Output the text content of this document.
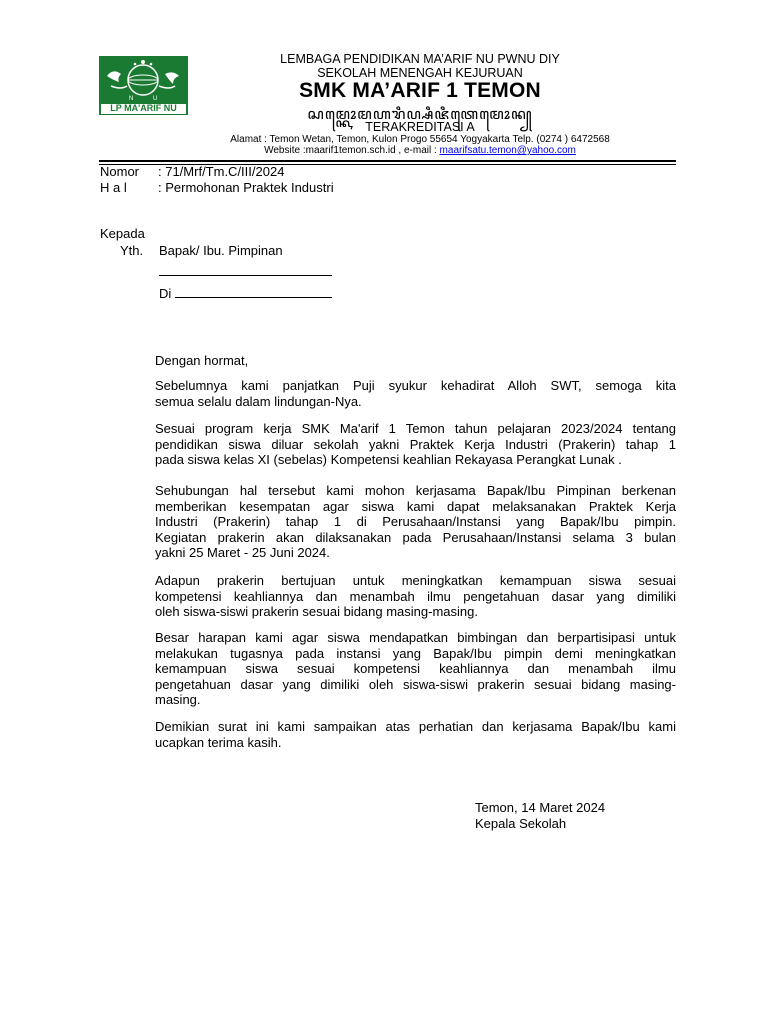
N	U
LP MA'ARIF NU
LEMBAGA PENDIDIKAN MA’ARIF NU PWNU DIY
SEKOLAH MENENGAH KEJURUAN
SMK MA’ARIF 1 TEMON
ꦱꦩ꧀ꦏꦺꦴꦩꦲꦫꦶꦥ꧀ꦱꦶꦗꦶꦠꦺꦩꦺꦴꦤ꧀
TERAKREDITASI A
Alamat : Temon Wetan, Temon, Kulon Progo 55654 Yogyakarta Telp. (0274 ) 6472568
Website :maarif1temon.sch.id , e-mail : maarifsatu.temon@yahoo.com
Nomor : 71/Mrf/Tm.C/III/2024
H a l : Permohonan Praktek Industri
Kepada
Yth. Bapak/ Ibu. Pimpinan
Di
Dengan hormat,
Sebelumnya kami panjatkan Puji syukur kehadirat Alloh SWT, semoga kita
semua selalu dalam lindungan-Nya.
Sesuai program kerja SMK Ma'arif 1 Temon tahun pelajaran 2023/2024 tentang
pendidikan siswa diluar sekolah yakni Praktek Kerja Industri (Prakerin) tahap 1
pada siswa kelas XI (sebelas) Kompetensi keahlian Rekayasa Perangkat Lunak .
Sehubungan hal tersebut kami mohon kerjasama Bapak/Ibu Pimpinan berkenan
memberikan kesempatan agar siswa kami dapat melaksanakan Praktek Kerja
Industri (Prakerin) tahap 1 di Perusahaan/Instansi yang Bapak/Ibu pimpin.
Kegiatan prakerin akan dilaksanakan pada Perusahaan/Instansi selama 3 bulan
yakni 25 Maret - 25 Juni 2024.
Adapun prakerin bertujuan untuk meningkatkan kemampuan siswa sesuai
kompetensi keahliannya dan menambah ilmu pengetahuan dasar yang dimiliki
oleh siswa-siswi prakerin sesuai bidang masing-masing.
Besar harapan kami agar siswa mendapatkan bimbingan dan berpartisipasi untuk
melakukan tugasnya pada instansi yang Bapak/Ibu pimpin demi meningkatkan
kemampuan siswa sesuai kompetensi keahliannya dan menambah ilmu
pengetahuan dasar yang dimiliki oleh siswa-siswi prakerin sesuai bidang masing-
masing.
Demikian surat ini kami sampaikan atas perhatian dan kerjasama Bapak/Ibu kami
ucapkan terima kasih.
Temon, 14 Maret 2024
Kepala Sekolah
